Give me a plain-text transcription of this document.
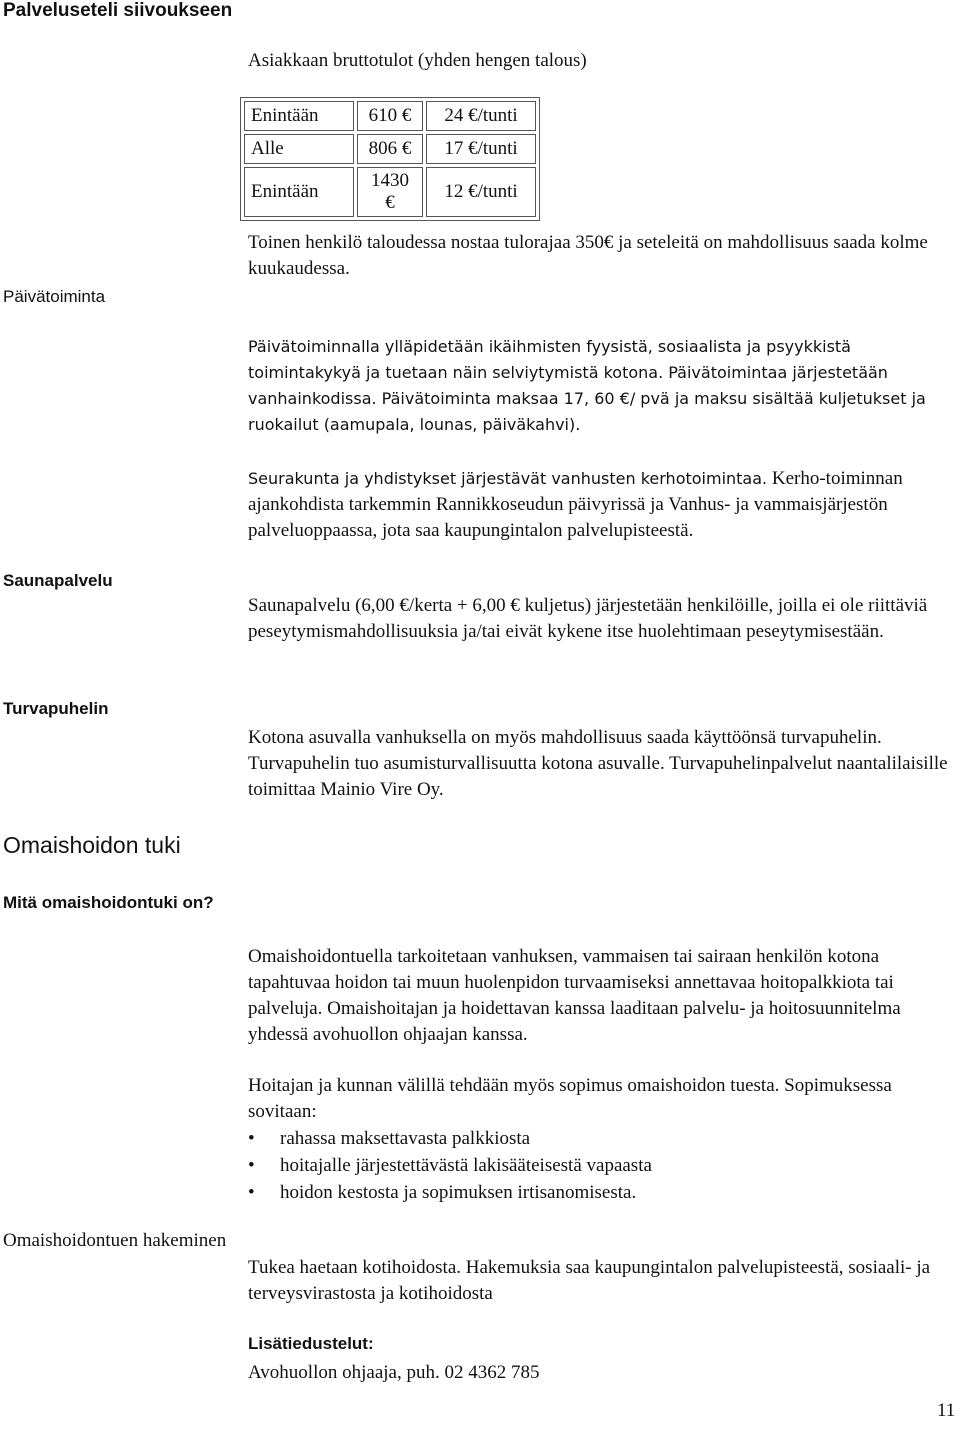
Palveluseteli siivoukseen
Asiakkaan bruttotulot (yhden hengen talous)
Enintään	610 €	24 €/tunti
Alle	806 €	17 €/tunti
Enintään	1430 €	12 €/tunti
Toinen henkilö taloudessa nostaa tulorajaa 350€ ja seteleitä on mahdollisuus saada kolme kuukaudessa.
Päivätoiminta
Päivätoiminnalla ylläpidetään ikäihmisten fyysistä, sosiaalista ja psyykkistä toimintakykyä ja tuetaan näin selviytymistä kotona. Päivätoimintaa järjestetään vanhainkodissa. Päivätoiminta maksaa 17, 60 €/ pvä ja maksu sisältää kuljetukset ja ruokailut (aamupala, lounas, päiväkahvi).
Seurakunta ja yhdistykset järjestävät vanhusten kerhotoimintaa. Kerho-toiminnan ajankohdista tarkemmin Rannikkoseudun päivyrissä ja Vanhus- ja vammaisjärjestön palveluoppaassa, jota saa kaupungintalon palvelupisteestä.
Saunapalvelu
Saunapalvelu (6,00 €/kerta + 6,00 € kuljetus) järjestetään henkilöille, joilla ei ole riittäviä peseytymismahdollisuuksia ja/tai eivät kykene itse huolehtimaan peseytymisestään.
Turvapuhelin
Kotona asuvalla vanhuksella on myös mahdollisuus saada käyttöönsä turvapuhelin. Turvapuhelin tuo asumisturvallisuutta kotona asuvalle. Turvapuhelinpalvelut naantalilaisille toimittaa Mainio Vire Oy.
Omaishoidon tuki
Mitä omaishoidontuki on?
Omaishoidontuella tarkoitetaan vanhuksen, vammaisen tai sairaan henkilön kotona tapahtuvaa hoidon tai muun huolenpidon turvaamiseksi annettavaa hoitopalkkiota tai palveluja. Omaishoitajan ja hoidettavan kanssa laaditaan palvelu- ja hoitosuunnitelma yhdessä avohuollon ohjaajan kanssa.
Hoitajan ja kunnan välillä tehdään myös sopimus omaishoidon tuesta. Sopimuksessa sovitaan:
• rahassa maksettavasta palkkiosta
• hoitajalle järjestettävästä lakisääteisestä vapaasta
• hoidon kestosta ja sopimuksen irtisanomisesta.
Omaishoidontuen hakeminen
Tukea haetaan kotihoidosta. Hakemuksia saa kaupungintalon palvelupisteestä, sosiaali- ja terveysvirastosta ja kotihoidosta
Lisätiedustelut:
Avohuollon ohjaaja, puh. 02 4362 785
11
